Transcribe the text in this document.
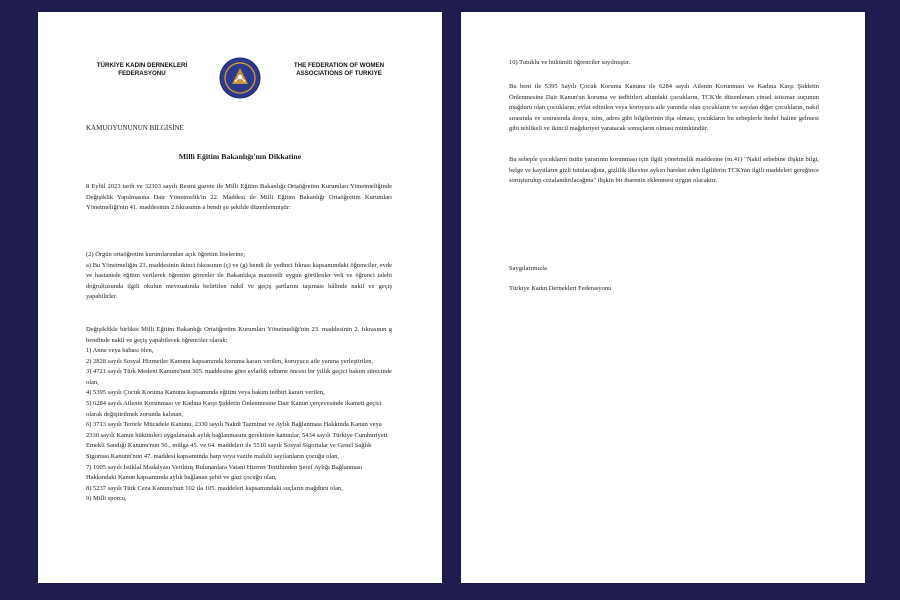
TÜRKİYE KADIN DERNEKLERİ
FEDERASYONU
THE FEDERATION OF WOMEN
ASSOCIATIONS OF TURKIYE
KAMUOYUNUNUN BİLGİSİNE
Milli Eğitim Bakanlığı'nın Dikkatine
8 Eylül 2023 tarih ve 32303 sayılı Resmi gazete ile Milli Eğitim Bakanlığı Ortaöğretim Kurumları Yönetmeliğinde Değişiklik Yapılmasına Dair Yönetmelik'in 22. Maddesi ile Milli Eğitim Bakanlığı Ortaöğretim Kurumları Yönetmeliği'nin 41. maddesinin 2.fıkrasının a bendi şu şekilde düzenlenmiştir:

(2) Örgün ortaöğretim kurumlarından açık öğretim liselerine;

a) Bu Yönetmeliğin 23. maddesinin ikinci fıkrasının (ç) ve (g) bendi ile yedinci fıkrası kapsamındaki öğrenciler, evde ve hastanede eğitim verilerek öğrenim görenler ile Bakanlıkça mazeretli uygun görülenler veli ve öğrenci talebi doğrultusunda ilgili okulun mevzuatında belirtilen nakil ve geçiş şartlarını taşıması hâlinde nakil ve geçiş yapabilirler.

Değişiklikle birlikte Milli Eğitim Bakanlığı Ortaöğretim Kurumları Yönetmeliği'nin 23. maddesinin 2. fıkrasının g bendinde nakil ve geçiş yapabilecek öğrenciler olarak;
1) Anne veya babası ölen,
2) 2828 sayılı Sosyal Hizmetler Kanunu kapsamında koruma kararı verilen, koruyucu aile yanına yerleştirilen,
3) 4721 sayılı Türk Medeni Kanunu'nun 305. maddesine göre evlatlık edinme öncesi bir yıllık geçici bakım sürecinde olan,
4) 5395 sayılı Çocuk Koruma Kanunu kapsamında eğitim veya bakım tedbiri kararı verilen,
5) 6284 sayılı Ailenin Korunması ve Kadına Karşı Şiddetin Önlenmesine Dair Kanun çerçevesinde ikameti geçici olarak değiştirilmek zorunda kalınan,
6) 3713 sayılı Terörle Mücadele Kanunu, 2330 sayılı Nakdi Tazminat ve Aylık Bağlanması Hakkında Kanun veya 2330 sayılı Kanun hükümleri uygulanarak aylık bağlanmasını gerektiren kanunlar, 5434 sayılı Türkiye Cumhuriyeti Emekli Sandığı Kanunu'nun 56., mülga 45. ve 64. maddeleri ile 5510 sayılı Sosyal Sigortalar ve Genel Sağlık Sigortası Kanunu'nun 47. maddesi kapsamında harp veya vazife malulü sayılanların çocuğu olan,
7) 1005 sayılı İstiklal Madalyası Verilmiş Bulunanlara Vatani Hizmet Tertibinden Şeref Aylığı Bağlanması Hakkındaki Kanun kapsamında aylık bağlanan şehit ve gazi çocuğu olan,
8) 5237 sayılı Türk Ceza Kanunu'nun 102 ila 105. maddeleri kapsamındaki suçların mağduru olan,
9) Milli sporcu,
10) Tutuklu ve hükümlü öğrenciler sayılmıştır.
Bu bent ile 5395 Sayılı Çocuk Koruma Kanunu ile 6284 sayılı Ailenin Korunması ve Kadına Karşı Şiddetin Önlenmesine Dair Kanun'un koruma ve tedbirleri altındaki çocukların, TCK'de düzenlenen cinsel istismar suçunun mağduru olan çocukların, evlat edinilen veya koruyucu aile yanında olan çocukların ve sayılan diğer çocukların, nakil sırasında ve sonrasında dosya, isim, adres gibi bilgilerinin ifşa olması, çocukların bu sebeplerle hedef haline gelmesi gibi tehlikeli ve ikincil mağduriyet yaratacak sonuçların olması mümkündür.
Bu sebeple çocukların üstün yararının korunması için ilgili yönetmelik maddesine (m.41) "Nakil sebebine ilişkin bilgi, belge ve kayıtların gizli tutulacağına, gizlilik ilkesine aykırı hareket eden ilgililerin TCK'nin ilgili maddeleri gereğince soruşturulup cezalandırılacağına" ilişkin bir ibarenin eklenmesi uygun olacaktır.
Saygılarımızla
Türkiye Kadın Dernekleri Federasyonu
